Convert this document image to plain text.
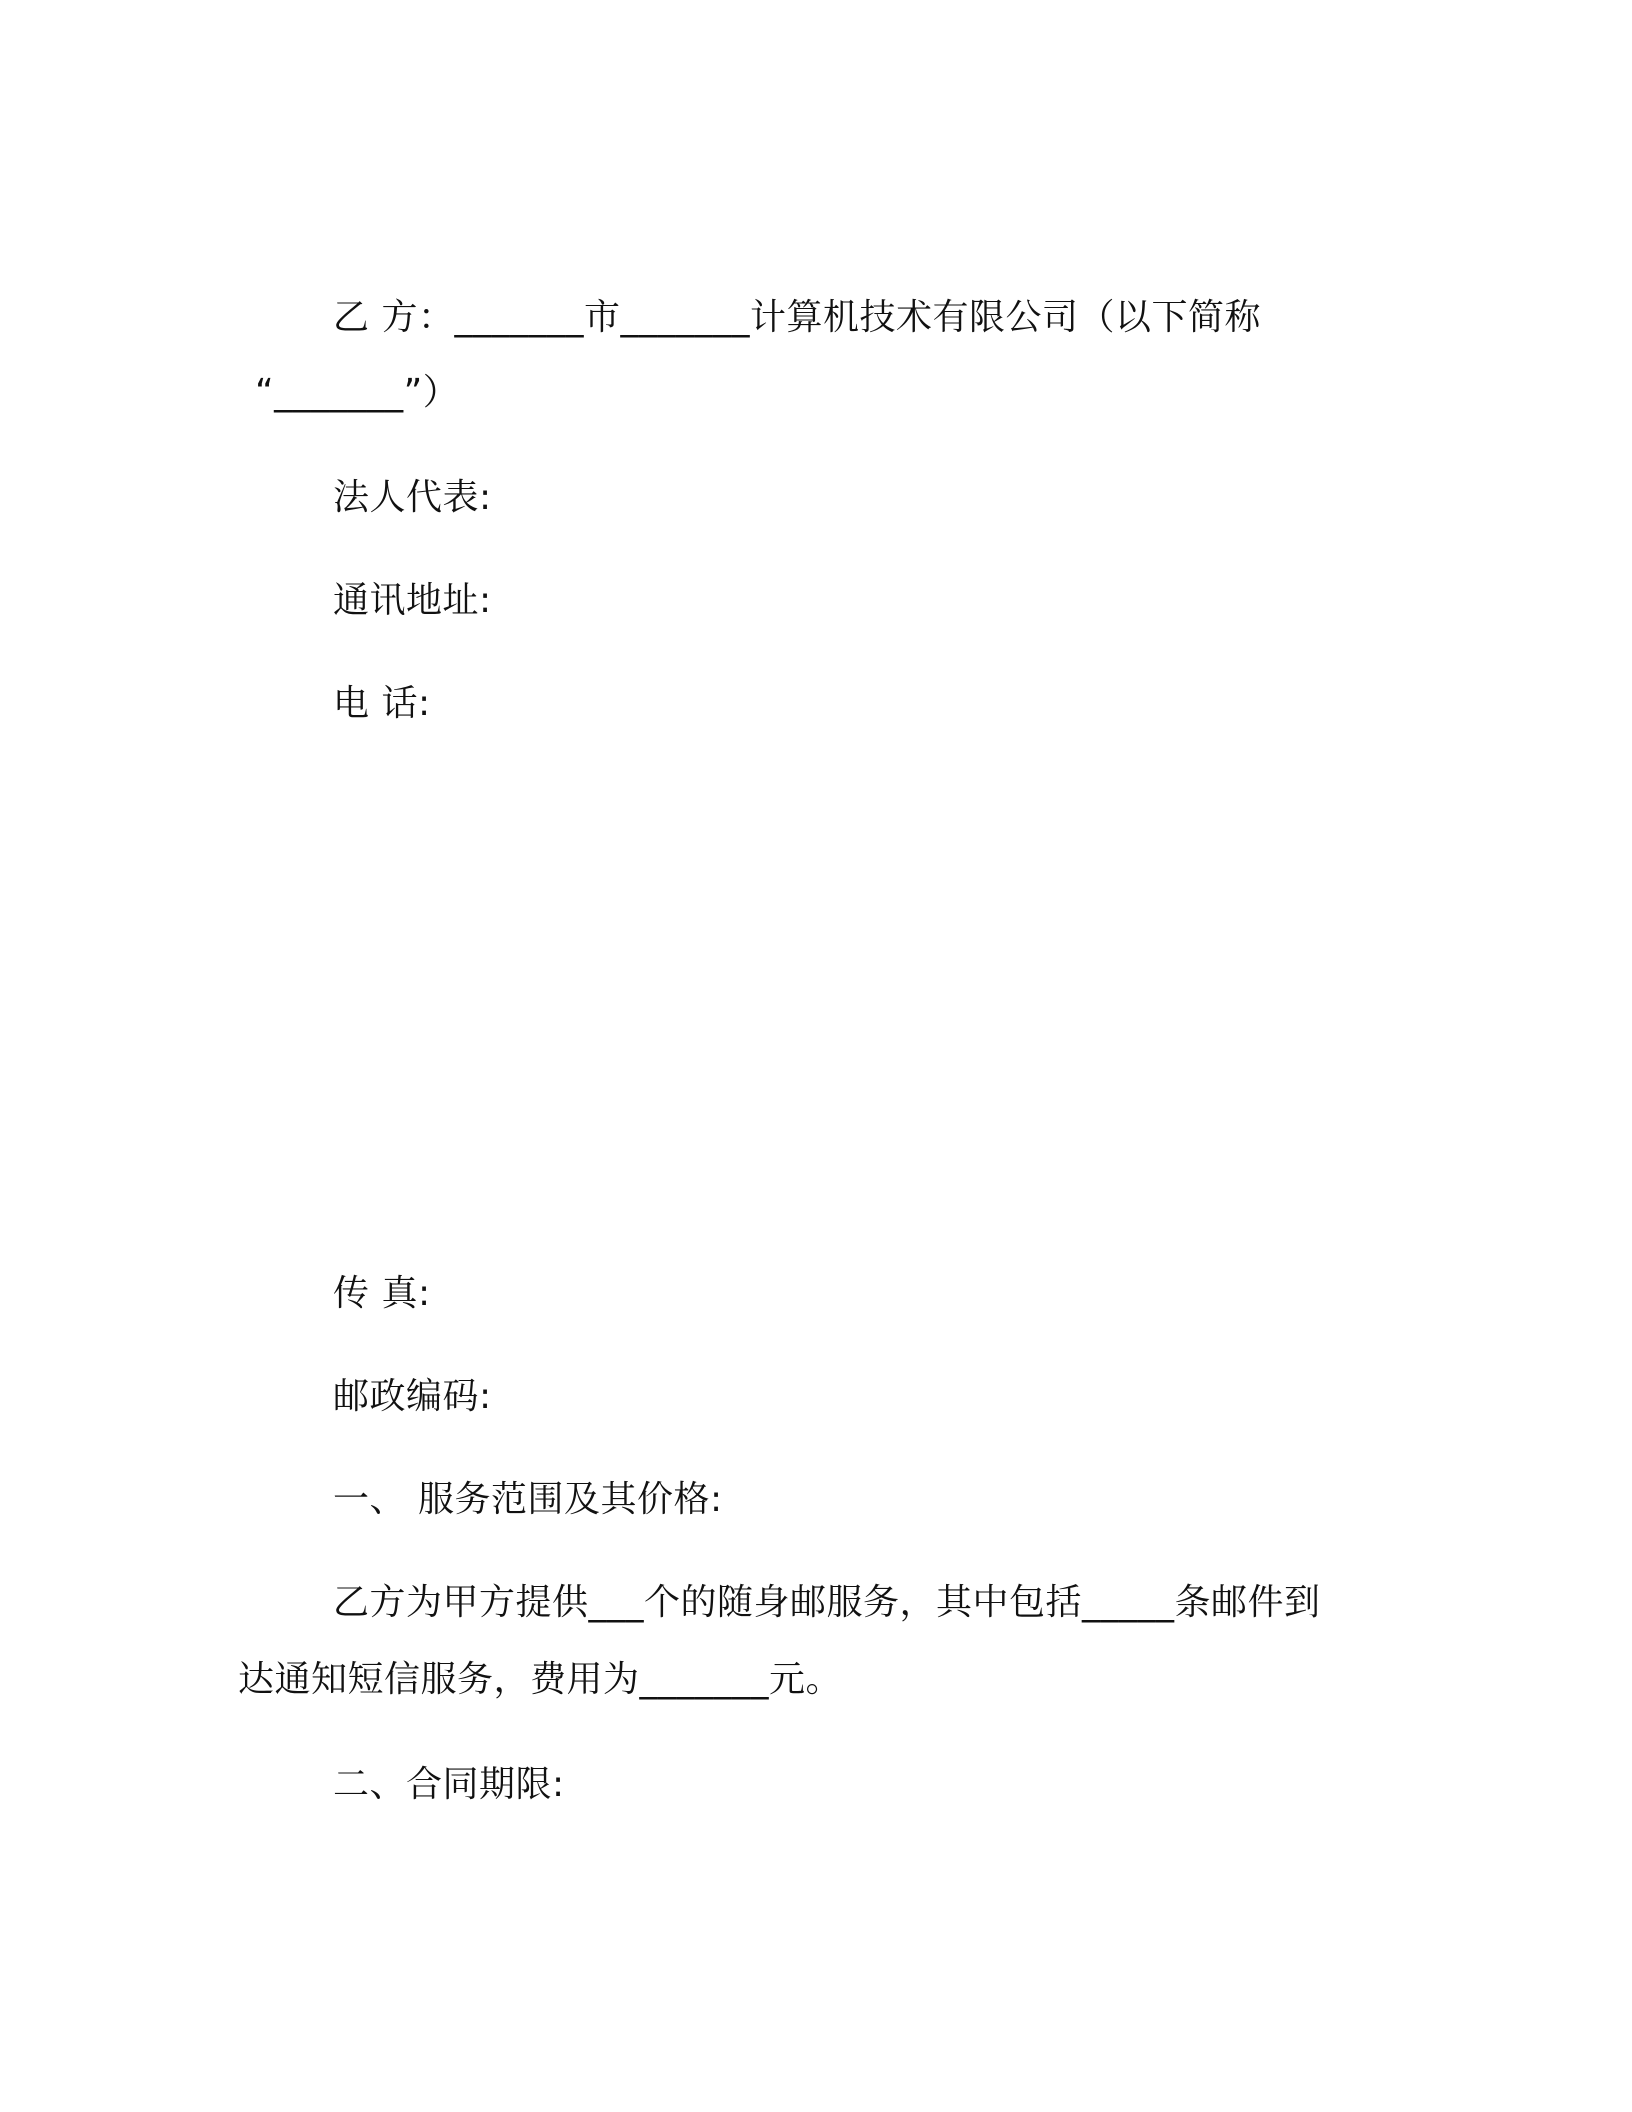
乙 方：_______市_______计算机技术有限公司（以下简称
“_______”）
法人代表:
通讯地址:
电 话:
传 真:
邮政编码:
一、 服务范围及其价格:
乙方为甲方提供___个的随身邮服务，其中包括_____条邮件到
达通知短信服务，费用为_______元。
二、合同期限:
